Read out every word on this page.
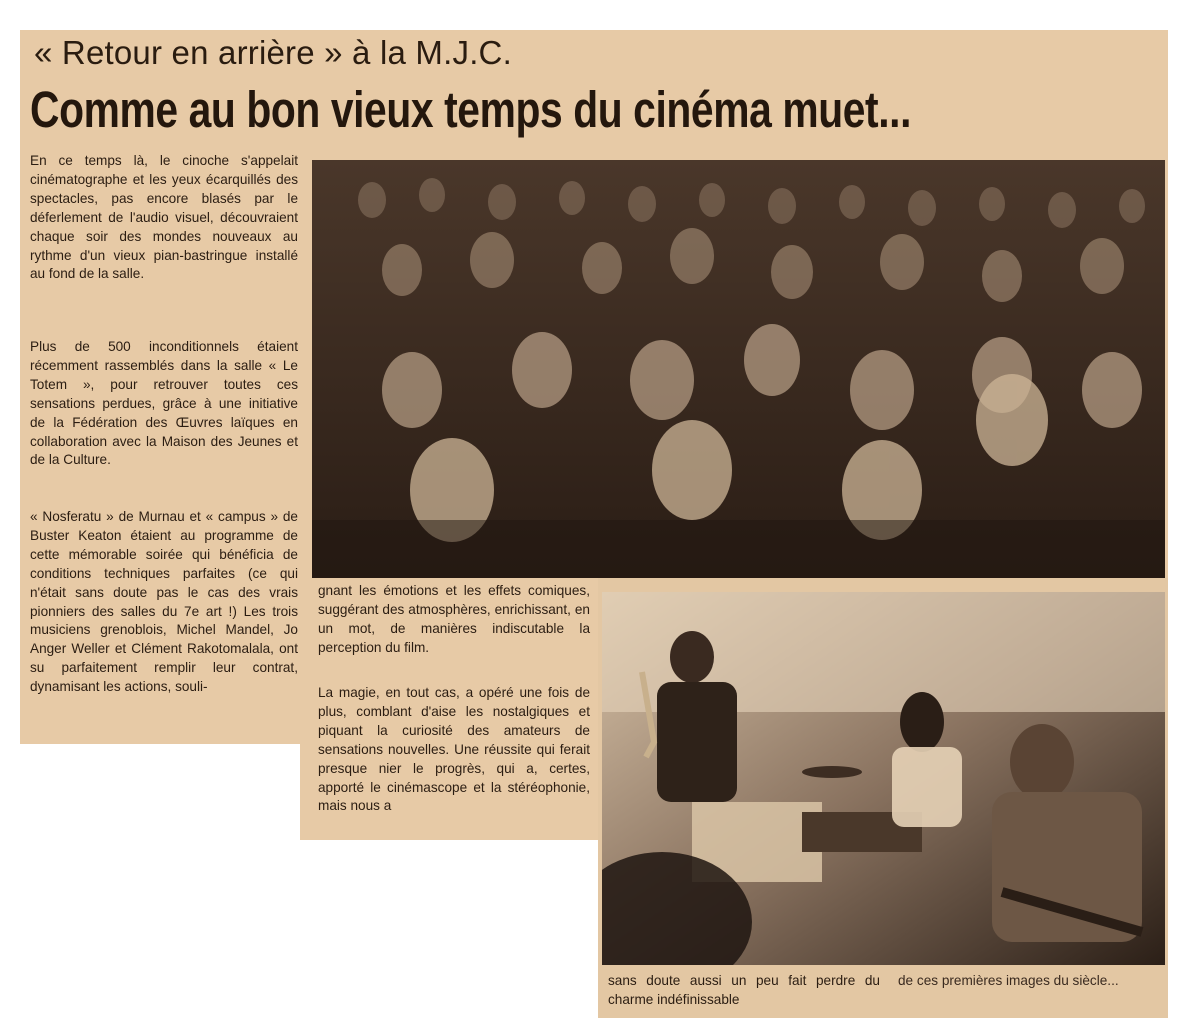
« Retour en arrière » à la M.J.C.
Comme au bon vieux temps du cinéma muet...

En ce temps là, le cinoche s'appelait cinématographe et les yeux écarquillés des spectacles, pas encore blasés par le déferlement de l'audio visuel, découvraient chaque soir des mondes nouveaux au rythme d'un vieux pian-bastringue installé au fond de la salle.

Plus de 500 inconditionnels étaient récemment rassemblés dans la salle « Le Totem », pour retrouver toutes ces sensations perdues, grâce à une initiative de la Fédération des Œuvres laïques en collaboration avec la Maison des Jeunes et de la Culture.

« Nosferatu » de Murnau et « campus » de Buster Keaton étaient au programme de cette mémorable soirée qui bénéficia de conditions techniques parfaites (ce qui n'était sans doute pas le cas des vrais pionniers des salles du 7e art !) Les trois musiciens grenoblois, Michel Mandel, Jo Anger Weller et Clément Rakotomalala, ont su parfaitement remplir leur contrat, dynamisant les actions, souli-

gnant les émotions et les effets comiques, suggérant des atmosphères, enrichissant, en un mot, de manières indiscutable la perception du film.

La magie, en tout cas, a opéré une fois de plus, comblant d'aise les nostalgiques et piquant la curiosité des amateurs de sensations nouvelles. Une réussite qui ferait presque nier le progrès, qui a, certes, apporté le cinémascope et la stéréophonie, mais nous a

sans doute aussi un peu fait perdre du charme indéfinissable
de ces premières images du siècle...
